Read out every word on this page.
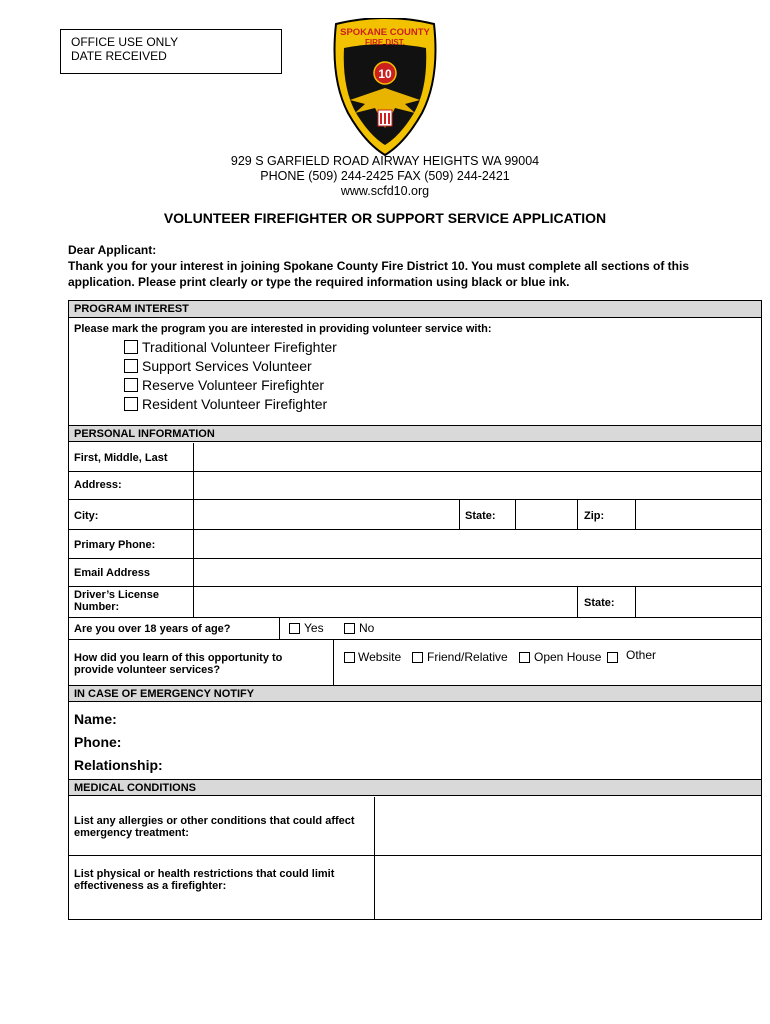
OFFICE USE ONLY
DATE RECEIVED
10
SPOKANE COUNTY
FIRE DIST.
929 S GARFIELD ROAD AIRWAY HEIGHTS WA 99004
PHONE (509) 244-2425 FAX (509) 244-2421
www.scfd10.org
VOLUNTEER FIREFIGHTER OR SUPPORT SERVICE APPLICATION
Dear Applicant:
Thank you for your interest in joining Spokane County Fire District 10. You must complete all sections of this application. Please print clearly or type the required information using black or blue ink.
PROGRAM INTEREST
Please mark the program you are interested in providing volunteer service with:
Traditional Volunteer Firefighter
Support Services Volunteer
Reserve Volunteer Firefighter
Resident Volunteer Firefighter
PERSONAL INFORMATION
First, Middle, Last
Address:
City:	State:	Zip:
Primary Phone:
Email Address
Driver’s License Number:	State:
Are you over 18 years of age?	Yes	No
How did you learn of this opportunity to provide volunteer services?
Website Friend/Relative Open House Other
IN CASE OF EMERGENCY NOTIFY
Name:
Phone:
Relationship:
MEDICAL CONDITIONS
List any allergies or other conditions that could affect emergency treatment:
List physical or health restrictions that could limit effectiveness as a firefighter:
